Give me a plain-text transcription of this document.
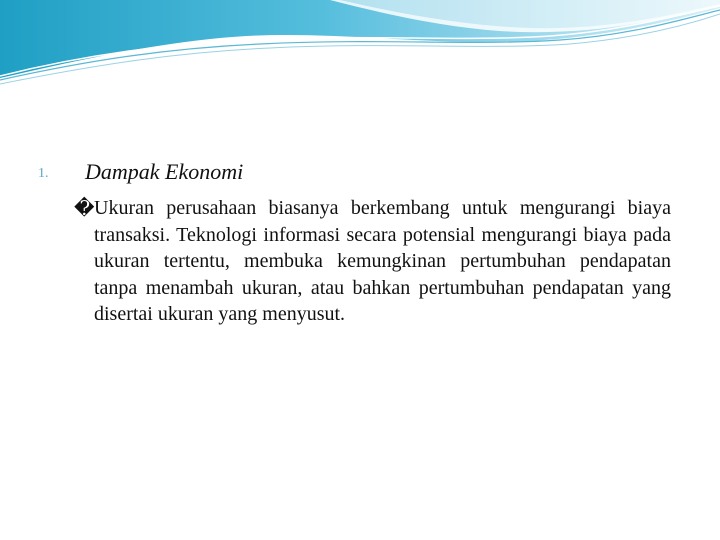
1. Dampak Ekonomi
� Ukuran perusahaan biasanya berkembang untuk mengurangi biaya transaksi. Teknologi informasi secara potensial mengurangi biaya pada ukuran tertentu, membuka kemungkinan pertumbuhan pendapatan tanpa menambah ukuran, atau bahkan pertumbuhan pendapatan yang disertai ukuran yang menyusut.
